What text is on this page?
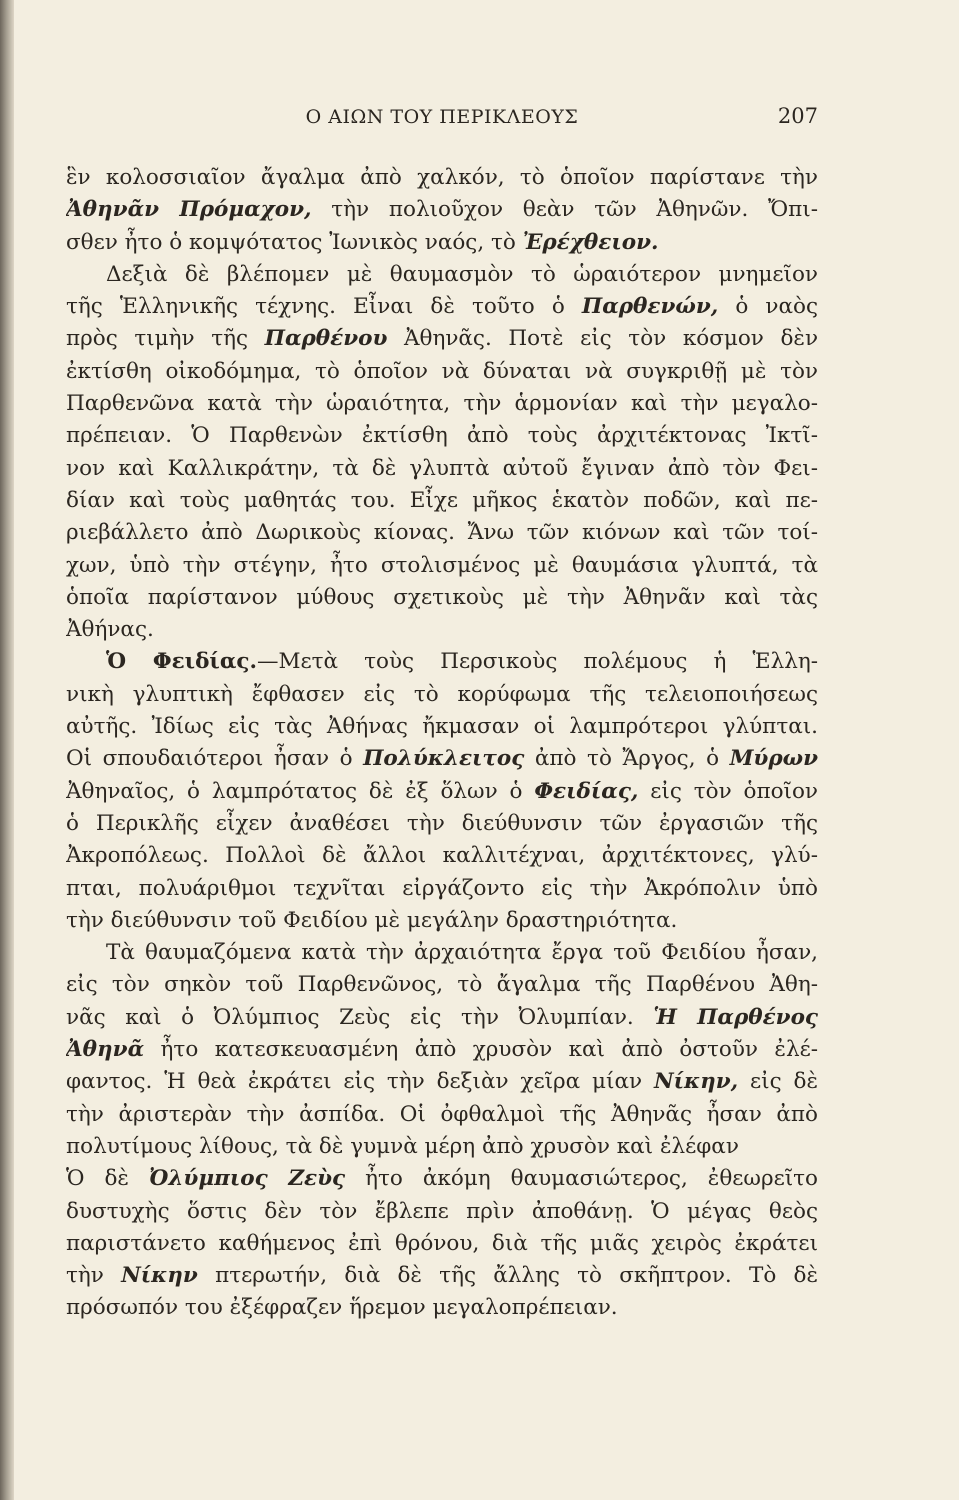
Ο ΑΙΩΝ ΤΟΥ ΠΕΡΙΚΛΕΟΥΣ	207
ἓν κολοσσιαῖον ἄγαλμα ἀπὸ χαλκόν, τὸ ὁποῖον παρίστανε τὴν
Ἀθηνᾶν Πρόμαχον, τὴν πολιοῦχον θεὰν τῶν Ἀθηνῶν. Ὄπι-
σθεν ἦτο ὁ κομψότατος Ἰωνικὸς ναός, τὸ Ἐρέχθειον.
Δεξιὰ δὲ βλέπομεν μὲ θαυμασμὸν τὸ ὡραιότερον μνημεῖον
τῆς Ἑλληνικῆς τέχνης. Εἶναι δὲ τοῦτο ὁ Παρθενών, ὁ ναὸς
πρὸς τιμὴν τῆς Παρθένου Ἀθηνᾶς. Ποτὲ εἰς τὸν κόσμον δὲν
ἐκτίσθη οἰκοδόμημα, τὸ ὁποῖον νὰ δύναται νὰ συγκριθῇ μὲ τὸν
Παρθενῶνα κατὰ τὴν ὡραιότητα, τὴν ἁρμονίαν καὶ τὴν μεγαλο-
πρέπειαν. Ὁ Παρθενὼν ἐκτίσθη ἀπὸ τοὺς ἀρχιτέκτονας Ἰκτῖ-
νον καὶ Καλλικράτην, τὰ δὲ γλυπτὰ αὐτοῦ ἔγιναν ἀπὸ τὸν Φει-
δίαν καὶ τοὺς μαθητάς του. Εἶχε μῆκος ἑκατὸν ποδῶν, καὶ πε-
ριεβάλλετο ἀπὸ Δωρικοὺς κίονας. Ἄνω τῶν κιόνων καὶ τῶν τοί-
χων, ὑπὸ τὴν στέγην, ἦτο στολισμένος μὲ θαυμάσια γλυπτά, τὰ
ὁποῖα παρίστανον μύθους σχετικοὺς μὲ τὴν Ἀθηνᾶν καὶ τὰς
Ἀθήνας.
Ὁ Φειδίας.—Μετὰ τοὺς Περσικοὺς πολέμους ἡ Ἑλλη-
νικὴ γλυπτικὴ ἔφθασεν εἰς τὸ κορύφωμα τῆς τελειοποιήσεως
αὐτῆς. Ἰδίως εἰς τὰς Ἀθήνας ἤκμασαν οἱ λαμπρότεροι γλύπται.
Οἱ σπουδαιότεροι ἦσαν ὁ Πολύκλειτος ἀπὸ τὸ Ἄργος, ὁ Μύρων
Ἀθηναῖος, ὁ λαμπρότατος δὲ ἐξ ὅλων ὁ Φειδίας, εἰς τὸν ὁποῖον
ὁ Περικλῆς εἶχεν ἀναθέσει τὴν διεύθυνσιν τῶν ἐργασιῶν τῆς
Ἀκροπόλεως. Πολλοὶ δὲ ἄλλοι καλλιτέχναι, ἀρχιτέκτονες, γλύ-
πται, πολυάριθμοι τεχνῖται εἰργάζοντο εἰς τὴν Ἀκρόπολιν ὑπὸ
τὴν διεύθυνσιν τοῦ Φειδίου μὲ μεγάλην δραστηριότητα.
Τὰ θαυμαζόμενα κατὰ τὴν ἀρχαιότητα ἔργα τοῦ Φειδίου ἦσαν,
εἰς τὸν σηκὸν τοῦ Παρθενῶνος, τὸ ἄγαλμα τῆς Παρθένου Ἀθη-
νᾶς καὶ ὁ Ὀλύμπιος Ζεὺς εἰς τὴν Ὀλυμπίαν. Ἡ Παρθένος
Ἀθηνᾶ ἦτο κατεσκευασμένη ἀπὸ χρυσὸν καὶ ἀπὸ ὀστοῦν ἐλέ-
φαντος. Ἡ θεὰ ἐκράτει εἰς τὴν δεξιὰν χεῖρα μίαν Νίκην, εἰς δὲ
τὴν ἀριστερὰν τὴν ἀσπίδα. Οἱ ὀφθαλμοὶ τῆς Ἀθηνᾶς ἦσαν ἀπὸ
πολυτίμους λίθους, τὰ δὲ γυμνὰ μέρη ἀπὸ χρυσὸν καὶ ἐλέφαν
Ὁ δὲ Ὀλύμπιος Ζεὺς ἦτο ἀκόμη θαυμασιώτερος, ἐθεωρεῖτο
δυστυχὴς ὅστις δὲν τὸν ἔβλεπε πρὶν ἀποθάνῃ. Ὁ μέγας θεὸς
παριστάνετο καθήμενος ἐπὶ θρόνου, διὰ τῆς μιᾶς χειρὸς ἐκράτει
τὴν Νίκην πτερωτήν, διὰ δὲ τῆς ἄλλης τὸ σκῆπτρον. Τὸ δὲ
πρόσωπόν του ἐξέφραζεν ἥρεμον μεγαλοπρέπειαν.
